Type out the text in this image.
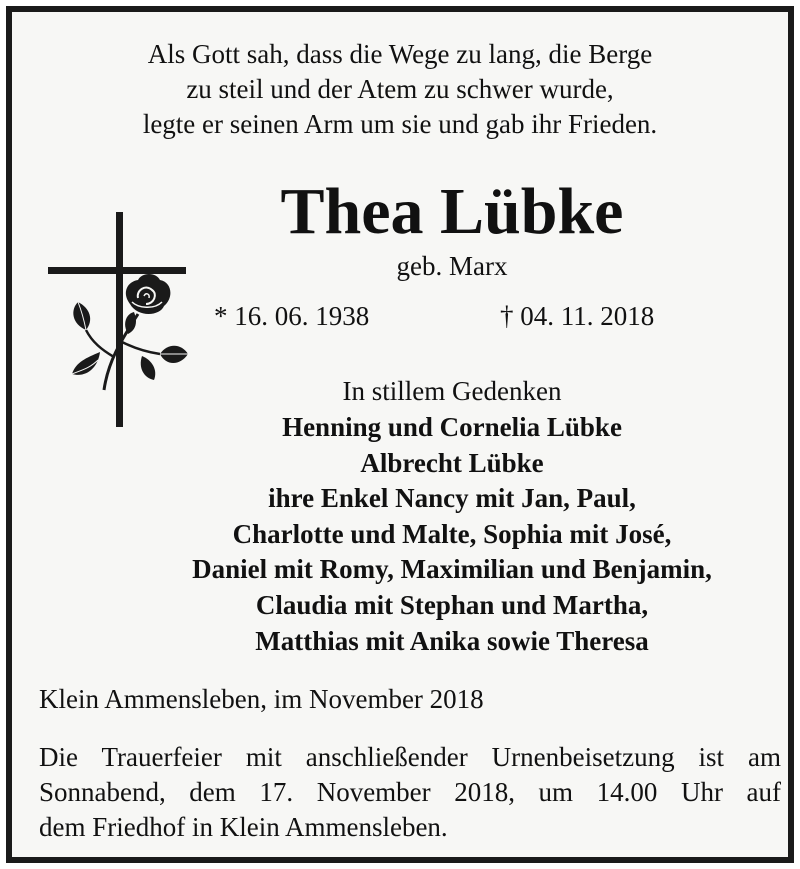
Als Gott sah, dass die Wege zu lang, die Berge
zu steil und der Atem zu schwer wurde,
legte er seinen Arm um sie und gab ihr Frieden.
Thea Lübke
geb. Marx
* 16. 06. 1938	† 04. 11. 2018
In stillem Gedenken
Henning und Cornelia Lübke
Albrecht Lübke
ihre Enkel Nancy mit Jan, Paul,
Charlotte und Malte, Sophia mit José,
Daniel mit Romy, Maximilian und Benjamin,
Claudia mit Stephan und Martha,
Matthias mit Anika sowie Theresa
Klein Ammensleben, im November 2018
Die Trauerfeier mit anschließender Urnenbeisetzung ist am
Sonnabend, dem 17. November 2018, um 14.00 Uhr auf
dem Friedhof in Klein Ammensleben.
